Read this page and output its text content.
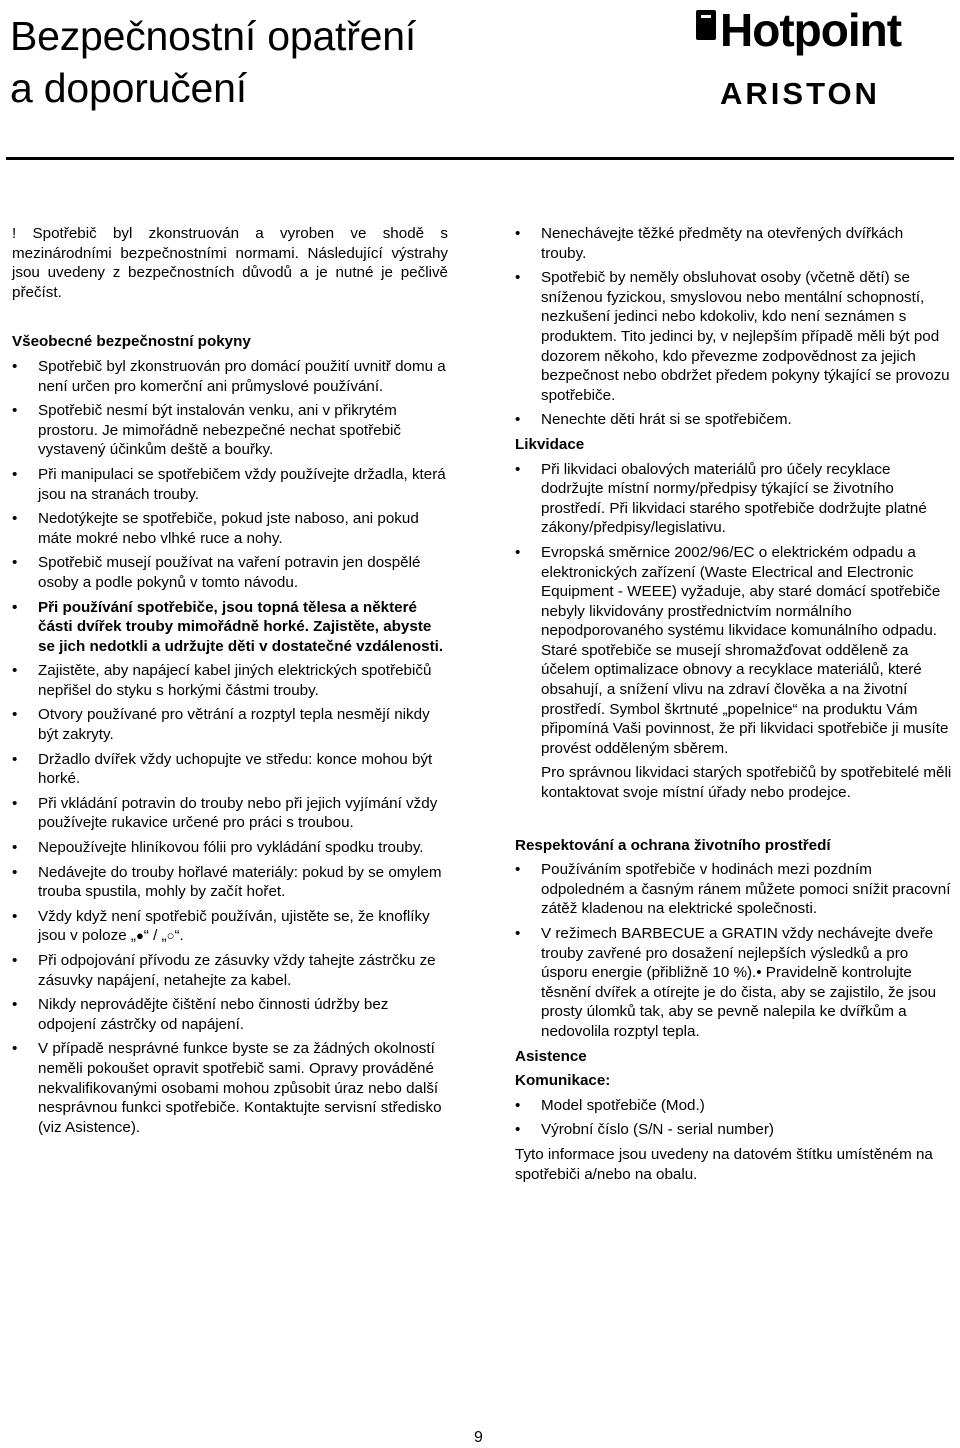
Bezpečnostní opatření
a doporučení
Hotpoint
ARISTON

! Spotřebič byl zkonstruován a vyroben ve shodě s mezinárodními bezpečnostními normami. Následující výstrahy jsou uvedeny z bezpečnostních důvodů a je nutné je pečlivě přečíst.

Všeobecné bezpečnostní pokyny

• Spotřebič byl zkonstruován pro domácí použití uvnitř domu a není určen pro komerční ani průmyslové používání.
• Spotřebič nesmí být instalován venku, ani v přikrytém prostoru. Je mimořádně nebezpečné nechat spotřebič vystavený účinkům deště a bouřky.
• Při manipulaci se spotřebičem vždy používejte držadla, která jsou na stranách trouby.
• Nedotýkejte se spotřebiče, pokud jste naboso, ani pokud máte mokré nebo vlhké ruce a nohy.
• Spotřebič musejí používat na vaření potravin jen dospělé osoby a podle pokynů v tomto návodu.
• Při používání spotřebiče, jsou topná tělesa a některé části dvířek trouby mimořádně horké. Zajistěte, abyste se jich nedotkli a udržujte děti v dostatečné vzdálenosti.
• Zajistěte, aby napájecí kabel jiných elektrických spotřebičů nepřišel do styku s horkými částmi trouby.
• Otvory používané pro větrání a rozptyl tepla nesmějí nikdy být zakryty.
• Držadlo dvířek vždy uchopujte ve středu: konce mohou být horké.
• Při vkládání potravin do trouby nebo při jejich vyjímání vždy používejte rukavice určené pro práci s troubou.
• Nepoužívejte hliníkovou fólii pro vykládání spodku trouby.
• Nedávejte do trouby hořlavé materiály: pokud by se omylem trouba spustila, mohly by začít hořet.
• Vždy když není spotřebič používán, ujistěte se, že knoflíky jsou v poloze „●“ / „○“.
• Při odpojování přívodu ze zásuvky vždy tahejte zástrčku ze zásuvky napájení, netahejte za kabel.
• Nikdy neprovádějte čištění nebo činnosti údržby bez odpojení zástrčky od napájení.
• V případě nesprávné funkce byste se za žádných okolností neměli pokoušet opravit spotřebič sami. Opravy prováděné nekvalifikovanými osobami mohou způsobit úraz nebo další nesprávnou funkci spotřebiče. Kontaktujte servisní středisko (viz Asistence).
• Nenechávejte těžké předměty na otevřených dvířkách trouby.
• Spotřebič by neměly obsluhovat osoby (včetně dětí) se sníženou fyzickou, smyslovou nebo mentální schopností, nezkušení jedinci nebo kdokoliv, kdo není seznámen s produktem. Tito jedinci by, v nejlepším případě měli být pod dozorem někoho, kdo převezme zodpovědnost za jejich bezpečnost nebo obdržet předem pokyny týkající se provozu spotřebiče.
• Nenechte děti hrát si se spotřebičem.

Likvidace

• Při likvidaci obalových materiálů pro účely recyklace dodržujte místní normy/předpisy týkající se životního prostředí. Při likvidaci starého spotřebiče dodržujte platné zákony/předpisy/legislativu.
• Evropská směrnice 2002/96/EC o elektrickém odpadu a elektronických zařízení (Waste Electrical and Electronic Equipment - WEEE) vyžaduje, aby staré domácí spotřebiče nebyly likvidovány prostřednictvím normálního nepodporovaného systému likvidace komunálního odpadu. Staré spotřebiče se musejí shromažďovat odděleně za účelem optimalizace obnovy a recyklace materiálů, které obsahují, a snížení vlivu na zdraví člověka a na životní prostředí. Symbol škrtnuté „popelnice“ na produktu Vám připomíná Vaši povinnost, že při likvidaci spotřebiče ji musíte provést odděleným sběrem.

Pro správnou likvidaci starých spotřebičů by spotřebitelé měli kontaktovat svoje místní úřady nebo prodejce.

Respektování a ochrana životního prostředí

• Používáním spotřebiče v hodinách mezi pozdním odpoledném a časným ránem můžete pomoci snížit pracovní zátěž kladenou na elektrické společnosti.
• V režimech BARBECUE a GRATIN vždy nechávejte dveře trouby zavřené pro dosažení nejlepších výsledků a pro úsporu energie (přibližně 10 %).• Pravidelně kontrolujte těsnění dvířek a otírejte je do čista, aby se zajistilo, že jsou prosty úlomků tak, aby se pevně nalepila ke dvířkům a nedovolila rozptyl tepla.

Asistence

Komunikace:

• Model spotřebiče (Mod.)
• Výrobní číslo (S/N - serial number)

Tyto informace jsou uvedeny na datovém štítku umístěném na spotřebiči a/nebo na obalu.

9
